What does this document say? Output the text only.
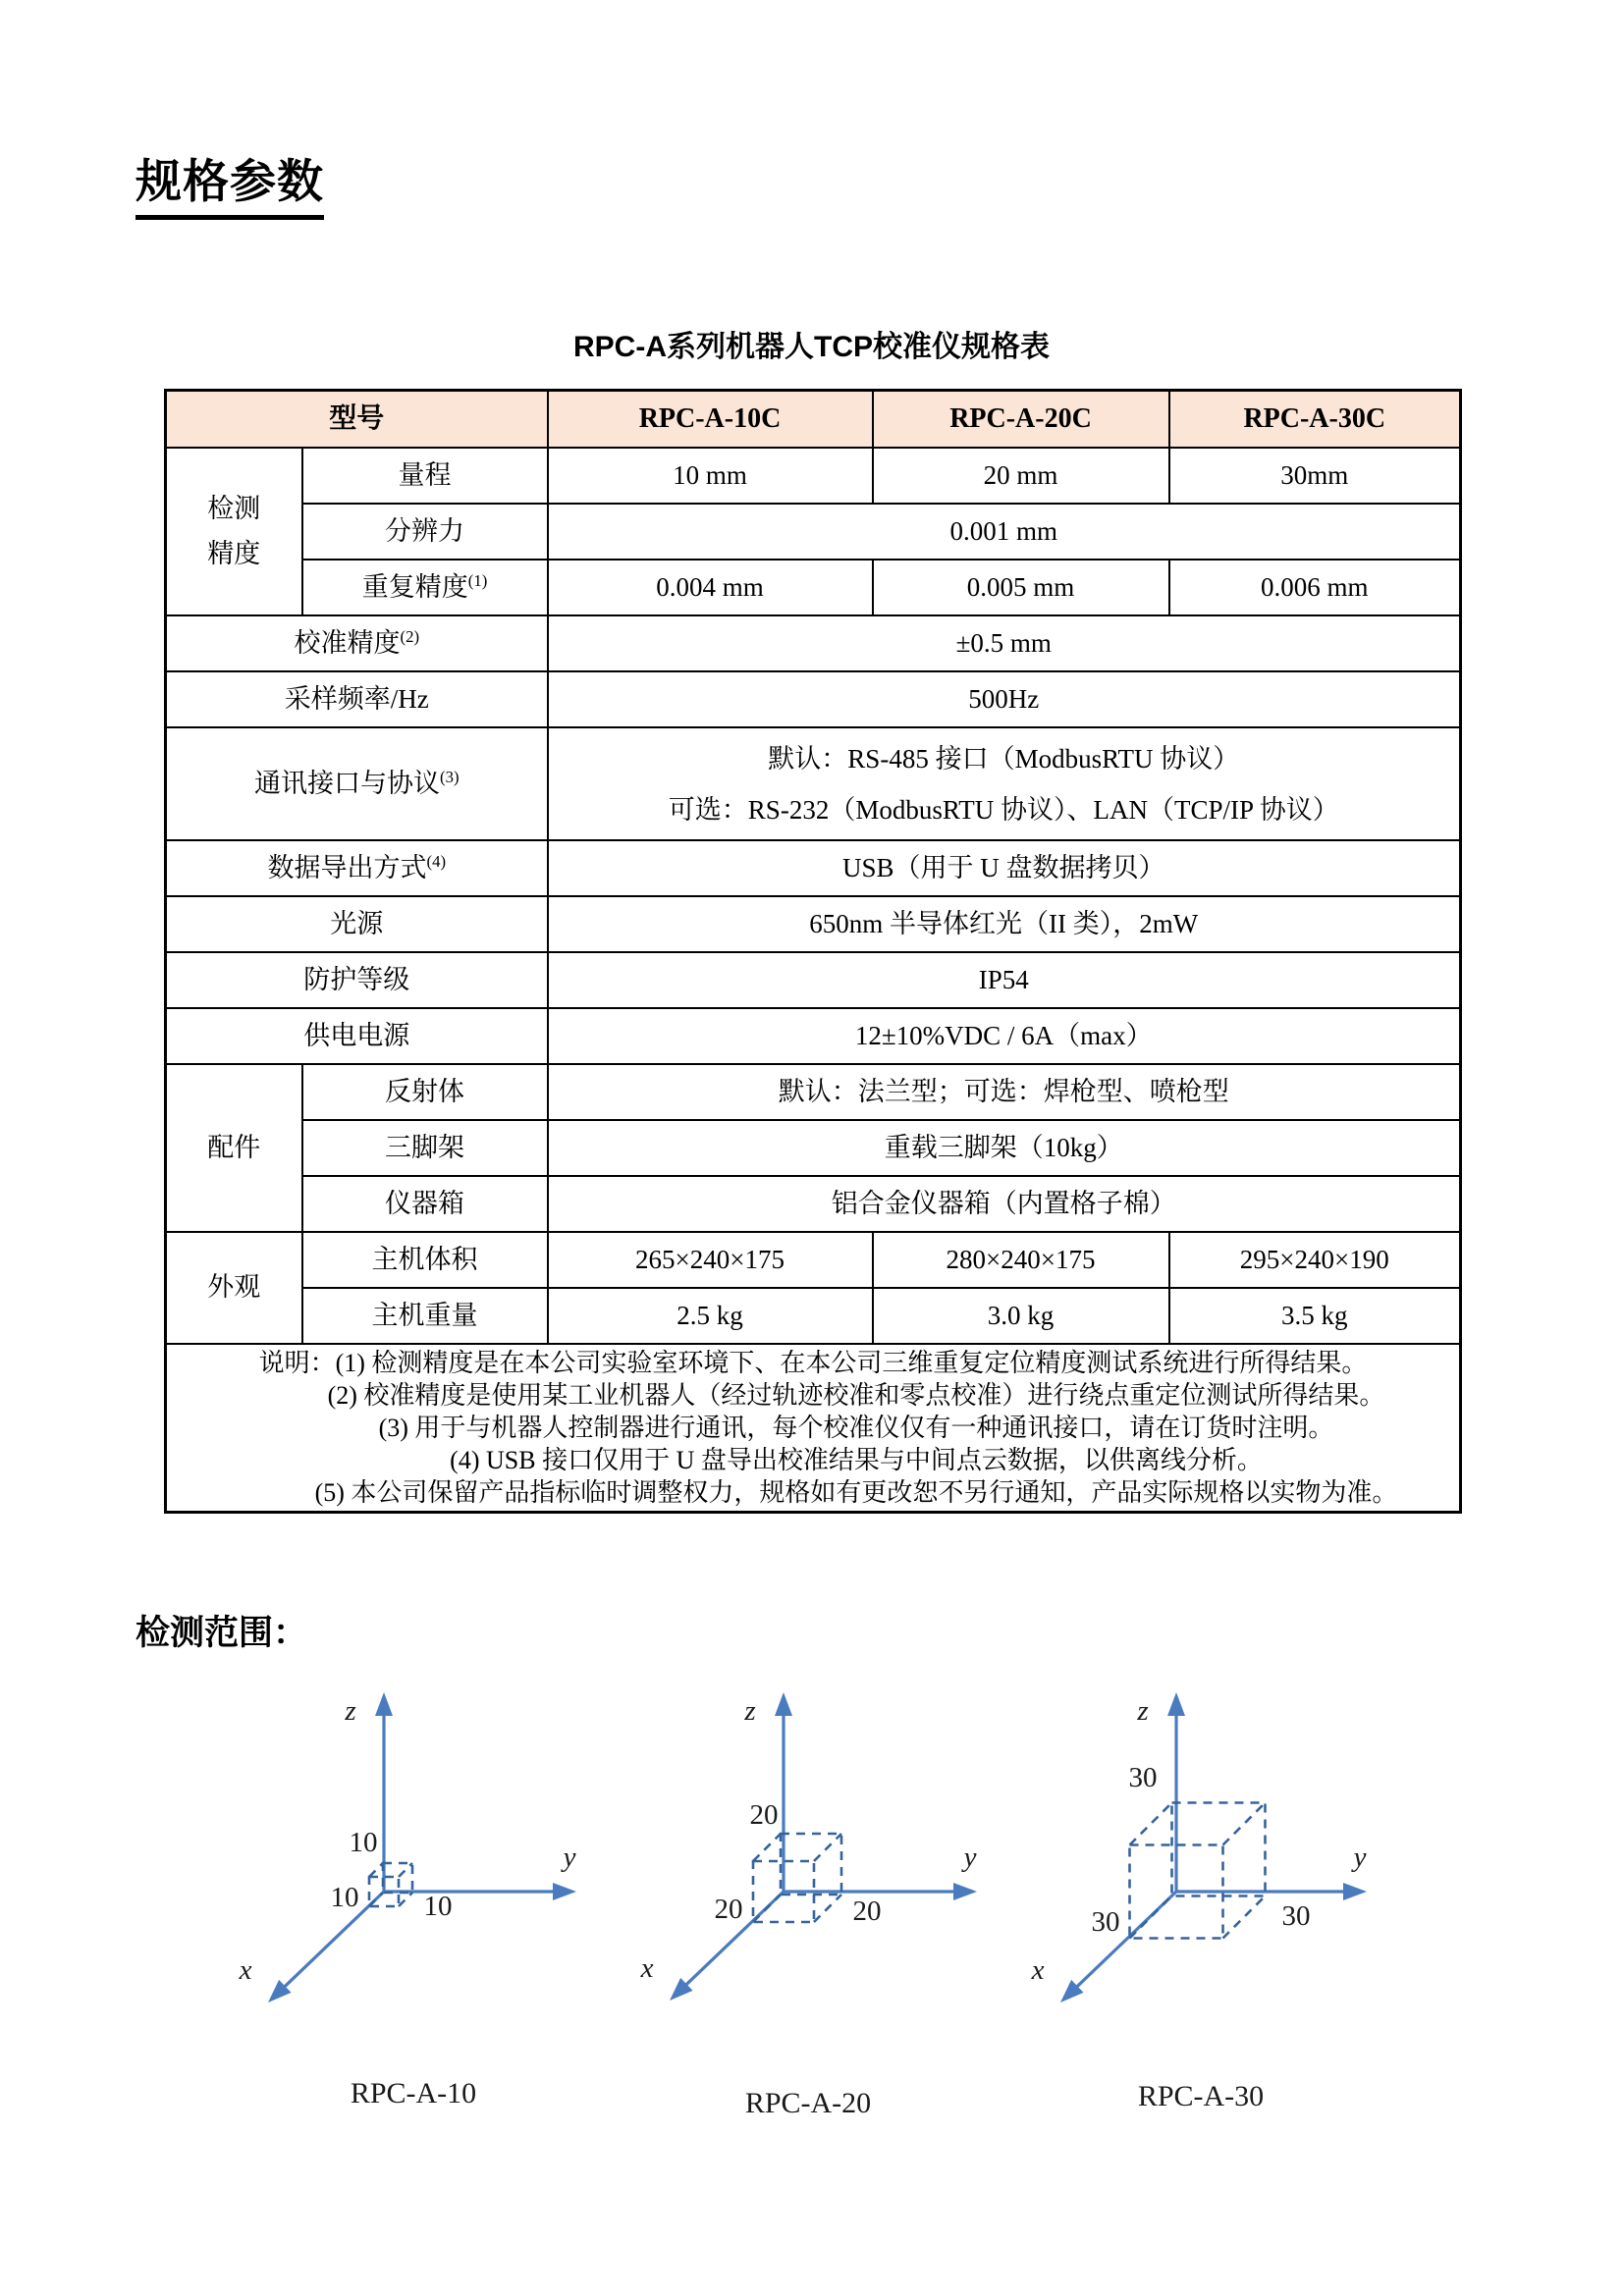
规格参数
RPC-A系列机器人TCP校准仪规格表
型号		RPC-A-10C	RPC-A-20C	RPC-A-30C
检测精度	量程	10 mm	20 mm	30mm
	分辨力	0.001 mm		
	重复精度$^{(1)}$	0.004 mm	0.005 mm	0.006 mm
校准精度$^{(2)}$		±0.5 mm		
采样频率/Hz		500Hz		
通讯接口与协议$^{(3)}$		默认：RS-485 接口（ModbusRTU 协议）
可选：RS-232（ModbusRTU 协议）、LAN（TCP/IP 协议）		

数据导出方式$^{(4)}$		USB（用于 U 盘数据拷贝）		
光源		650nm 半导体红光（II 类），2mW		
防护等级		IP54		
供电电源		12±10%VDC / 6A（max）		
配件	反射体	默认：法兰型；可选：焊枪型、喷枪型		
	三脚架	重载三脚架（10kg）		
	仪器箱	铝合金仪器箱（内置格子棉）		
外观	主机体积	265×240×175	280×240×175	295×240×190
	主机重量	2.5 kg	3.0 kg	3.5 kg

说明：(1) 检测精度是在本公司实验室环境下、在本公司三维重复定位精度测试系统进行所得结果。

(2) 校准精度是使用某工业机器人（经过轨迹校准和零点校准）进行绕点重定位测试所得结果。

(3) 用于与机器人控制器进行通讯，每个校准仪仅有一种通讯接口，请在订货时注明。

(4) USB 接口仅用于 U 盘导出校准结果与中间点云数据，以供离线分析。

(5) 本公司保留产品指标临时调整权力，规格如有更改恕不另行通知，产品实际规格以实物为准。				

检测范围：
z
y
x
10
10 10
RPC-A-10
z
y
x
20
20	20
RPC-A-20
z
y
x
30
30	30
RPC-A-30
